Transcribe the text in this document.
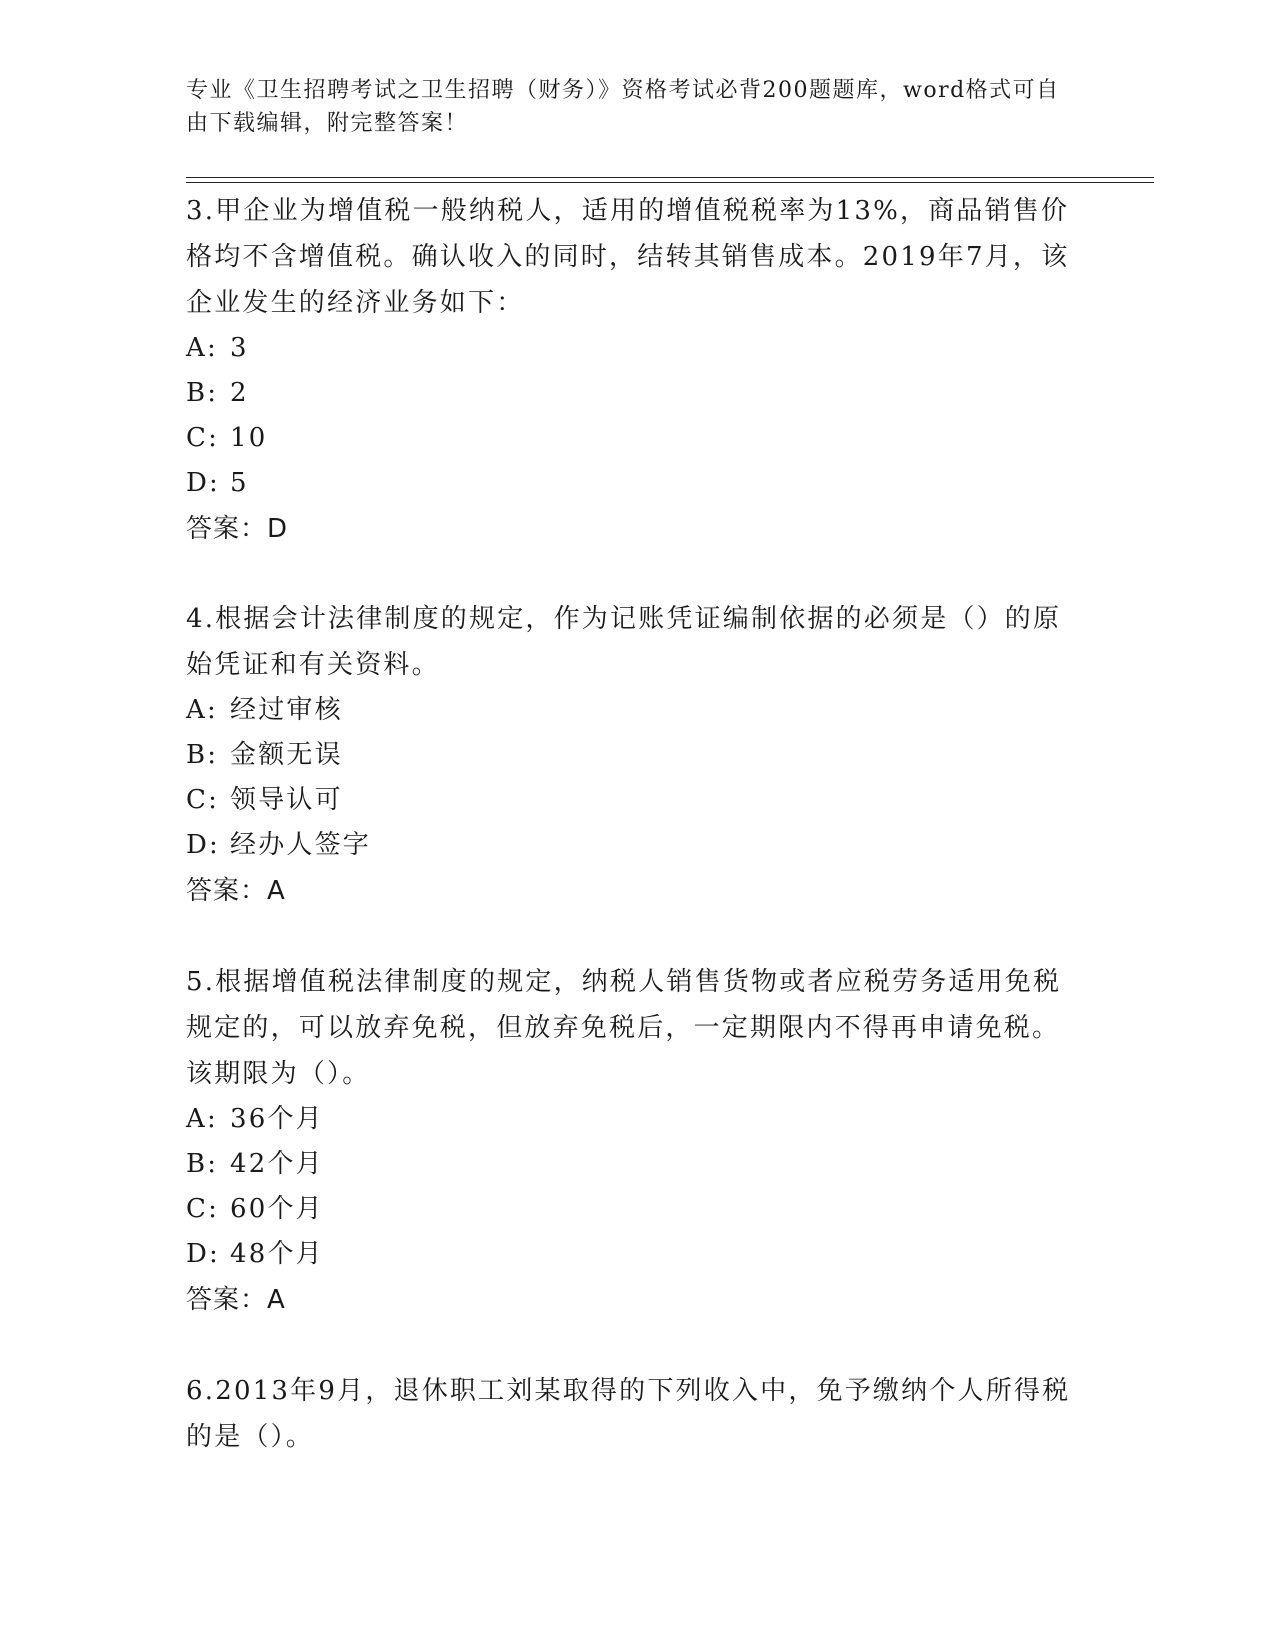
专业《卫生招聘考试之卫生招聘（财务）》资格考试必背200题题库，word格式可自由下载编辑，附完整答案！

3.甲企业为增值税一般纳税人，适用的增值税税率为13%，商品销售价格均不含增值税。确认收入的同时，结转其销售成本。2019年7月，该企业发生的经济业务如下：

A: 3

B: 2

C: 10

D: 5

答案：D

4.根据会计法律制度的规定，作为记账凭证编制依据的必须是（）的原始凭证和有关资料。

A: 经过审核

B: 金额无误

C: 领导认可

D: 经办人签字

答案：A

5.根据增值税法律制度的规定，纳税人销售货物或者应税劳务适用免税规定的，可以放弃免税，但放弃免税后，一定期限内不得再申请免税。该期限为（）。

A: 36个月

B: 42个月

C: 60个月

D: 48个月

答案：A

6.2013年9月，退休职工刘某取得的下列收入中，免予缴纳个人所得税的是（）。
